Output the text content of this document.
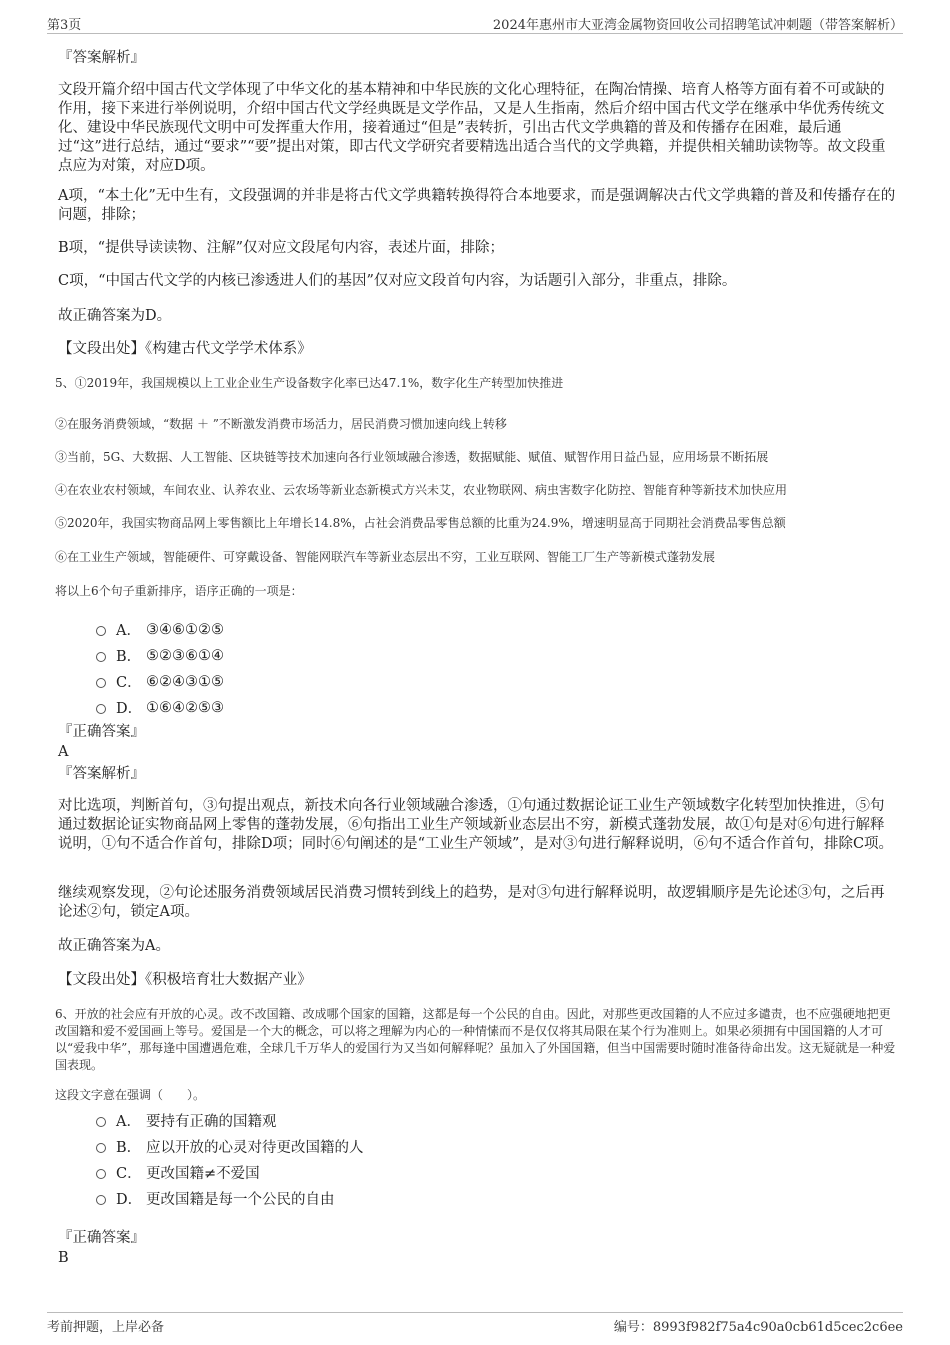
第3页	2024年惠州市大亚湾金属物资回收公司招聘笔试冲刺题（带答案解析）
『答案解析』
文段开篇介绍中国古代文学体现了中华文化的基本精神和中华民族的文化心理特征，在陶冶情操、培育人格等方面有着不可或缺的作用，接下来进行举例说明，介绍中国古代文学经典既是文学作品，又是人生指南，然后介绍中国古代文学在继承中华优秀传统文化、建设中华民族现代文明中可发挥重大作用，接着通过“但是”表转折，引出古代文学典籍的普及和传播存在困难，最后通过“这”进行总结，通过“要求”“要”提出对策，即古代文学研究者要精选出适合当代的文学典籍，并提供相关辅助读物等。故文段重点应为对策，对应D项。
A项，“本土化”无中生有，文段强调的并非是将古代文学典籍转换得符合本地要求，而是强调解决古代文学典籍的普及和传播存在的问题，排除；
B项，“提供导读读物、注解”仅对应文段尾句内容，表述片面，排除；
C项，“中国古代文学的内核已渗透进人们的基因”仅对应文段首句内容，为话题引入部分，非重点，排除。
故正确答案为D。
【文段出处】《构建古代文学学术体系》
5、①2019年，我国规模以上工业企业生产设备数字化率已达47.1%，数字化生产转型加快推进
②在服务消费领域，“数据 ＋ ”不断激发消费市场活力，居民消费习惯加速向线上转移
③当前，5G、大数据、人工智能、区块链等技术加速向各行业领域融合渗透，数据赋能、赋值、赋智作用日益凸显，应用场景不断拓展
④在农业农村领域，车间农业、认养农业、云农场等新业态新模式方兴未艾，农业物联网、病虫害数字化防控、智能育种等新技术加快应用
⑤2020年，我国实物商品网上零售额比上年增长14.8%，占社会消费品零售总额的比重为24.9%，增速明显高于同期社会消费品零售总额
⑥在工业生产领域，智能硬件、可穿戴设备、智能网联汽车等新业态层出不穷，工业互联网、智能工厂生产等新模式蓬勃发展
将以上6个句子重新排序，语序正确的一项是：
A． ③④⑥①②⑤
B． ⑤②③⑥①④
C． ⑥②④③①⑤
D． ①⑥④②⑤③
『正确答案』
A
『答案解析』
对比选项，判断首句，③句提出观点，新技术向各行业领域融合渗透，①句通过数据论证工业生产领域数字化转型加快推进，⑤句通过数据论证实物商品网上零售的蓬勃发展，⑥句指出工业生产领域新业态层出不穷，新模式蓬勃发展，故①句是对⑥句进行解释说明，①句不适合作首句，排除D项；同时⑥句阐述的是“工业生产领域”，是对③句进行解释说明，⑥句不适合作首句，排除C项。
继续观察发现，②句论述服务消费领域居民消费习惯转到线上的趋势，是对③句进行解释说明，故逻辑顺序是先论述③句，之后再论述②句，锁定A项。
故正确答案为A。
【文段出处】《积极培育壮大数据产业》
6、开放的社会应有开放的心灵。改不改国籍、改成哪个国家的国籍，这都是每一个公民的自由。因此，对那些更改国籍的人不应过多谴责，也不应强硬地把更改国籍和爱不爱国画上等号。爱国是一个大的概念，可以将之理解为内心的一种情愫而不是仅仅将其局限在某个行为准则上。如果必须拥有中国国籍的人才可以“爱我中华”，那每逢中国遭遇危难，全球几千万华人的爱国行为又当如何解释呢？虽加入了外国国籍，但当中国需要时随时准备待命出发。这无疑就是一种爱国表现。
这段文字意在强调（　　）。
A． 要持有正确的国籍观
B． 应以开放的心灵对待更改国籍的人
C． 更改国籍≠不爱国
D． 更改国籍是每一个公民的自由
『正确答案』
B
考前押题，上岸必备	编号：8993f982f75a4c90a0cb61d5cec2c6ee
